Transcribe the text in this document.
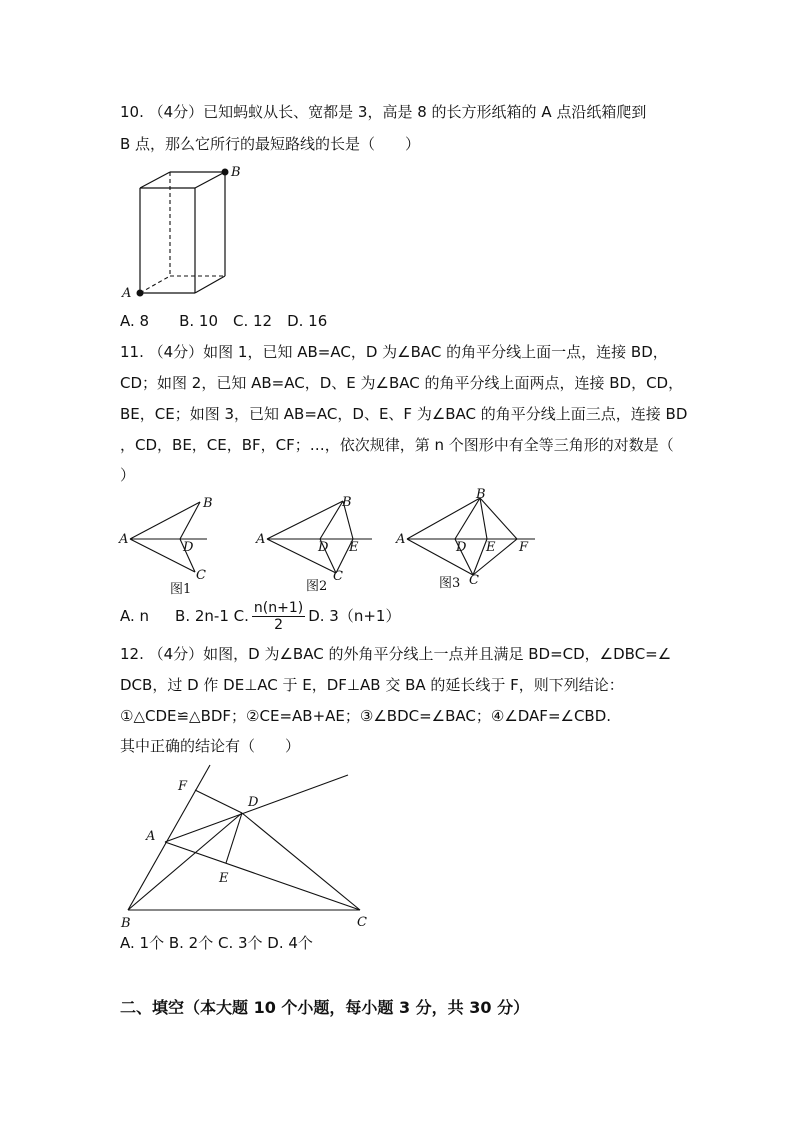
10. （4分）已知蚂蚁从长、宽都是 3，高是 8 的长方形纸箱的 A 点沿纸箱爬到
B 点，那么它所行的最短路线的长是（　　）
A
B
A. 8　　B. 10　C. 12　D. 16
11. （4分）如图 1，已知 AB=AC，D 为∠BAC 的角平分线上面一点，连接 BD，
CD；如图 2，已知 AB=AC，D、E 为∠BAC 的角平分线上面两点，连接 BD，CD，
BE，CE；如图 3，已知 AB=AC，D、E、F 为∠BAC 的角平分线上面三点，连接 BD
，CD，BE，CE，BF，CF；…，依次规律，第 n 个图形中有全等三角形的对数是（
）
A
B
D
C
图1
A
B
D E
C
图2
A
B
D E F
C
图3
A. n B. 2n-1 C. $\frac{n(n+1)}{2} D$. 3（n+1）
12. （4分）如图，D 为∠BAC 的外角平分线上一点并且满足 BD=CD，∠DBC=∠
DCB，过 D 作 DE⊥AC 于 E，DF⊥AB 交 BA 的延长线于 F，则下列结论：
①△CDE≌△BDF；②CE=AB+AE；③∠BDC=∠BAC；④∠DAF=∠CBD.
其中正确的结论有（　　）
F
D
A
E
B	C
A. 1个 B. 2个 C. 3个 D. 4个
二、填空（本大题 10 个小题，每小题 3 分，共 30 分）
